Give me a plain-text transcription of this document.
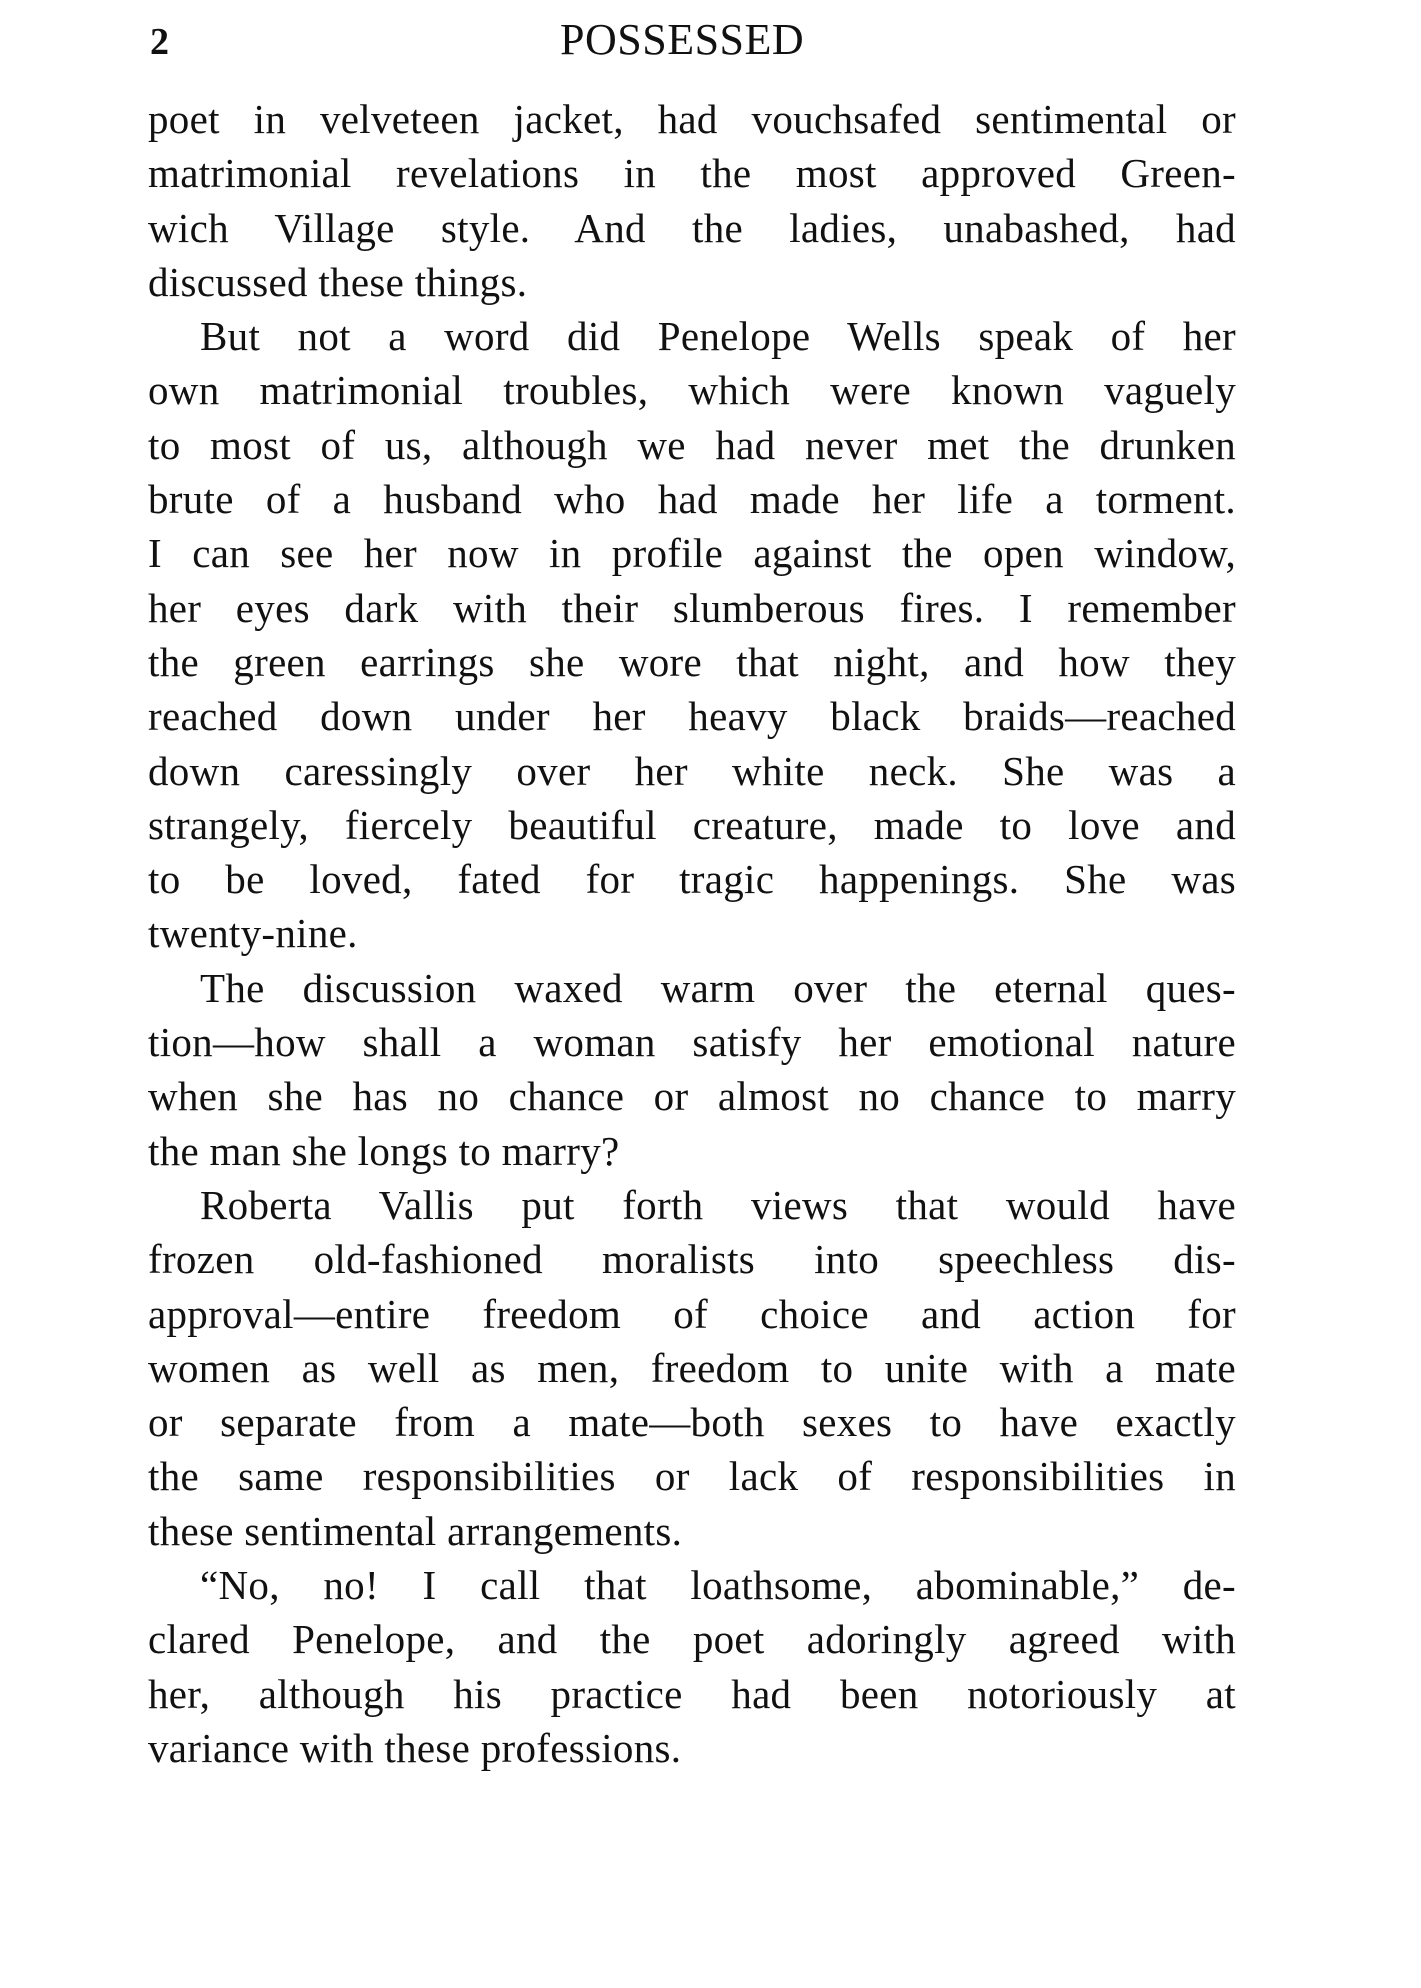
2	POSSESSED

poet in velveteen jacket, had vouchsafed sentimental or
matrimonial revelations in the most approved Green-
wich Village style. And the ladies, unabashed, had
discussed these things.

But not a word did Penelope Wells speak of her
own matrimonial troubles, which were known vaguely
to most of us, although we had never met the drunken
brute of a husband who had made her life a torment.
I can see her now in profile against the open window,
her eyes dark with their slumberous fires. I remember
the green earrings she wore that night, and how they
reached down under her heavy black braids—reached
down caressingly over her white neck. She was a
strangely, fiercely beautiful creature, made to love and
to be loved, fated for tragic happenings. She was
twenty-nine.

The discussion waxed warm over the eternal ques-
tion—how shall a woman satisfy her emotional nature
when she has no chance or almost no chance to marry
the man she longs to marry?

Roberta Vallis put forth views that would have
frozen old-fashioned moralists into speechless dis-
approval—entire freedom of choice and action for
women as well as men, freedom to unite with a mate
or separate from a mate—both sexes to have exactly
the same responsibilities or lack of responsibilities in
these sentimental arrangements.

“No, no! I call that loathsome, abominable,” de-
clared Penelope, and the poet adoringly agreed with
her, although his practice had been notoriously at
variance with these professions.
